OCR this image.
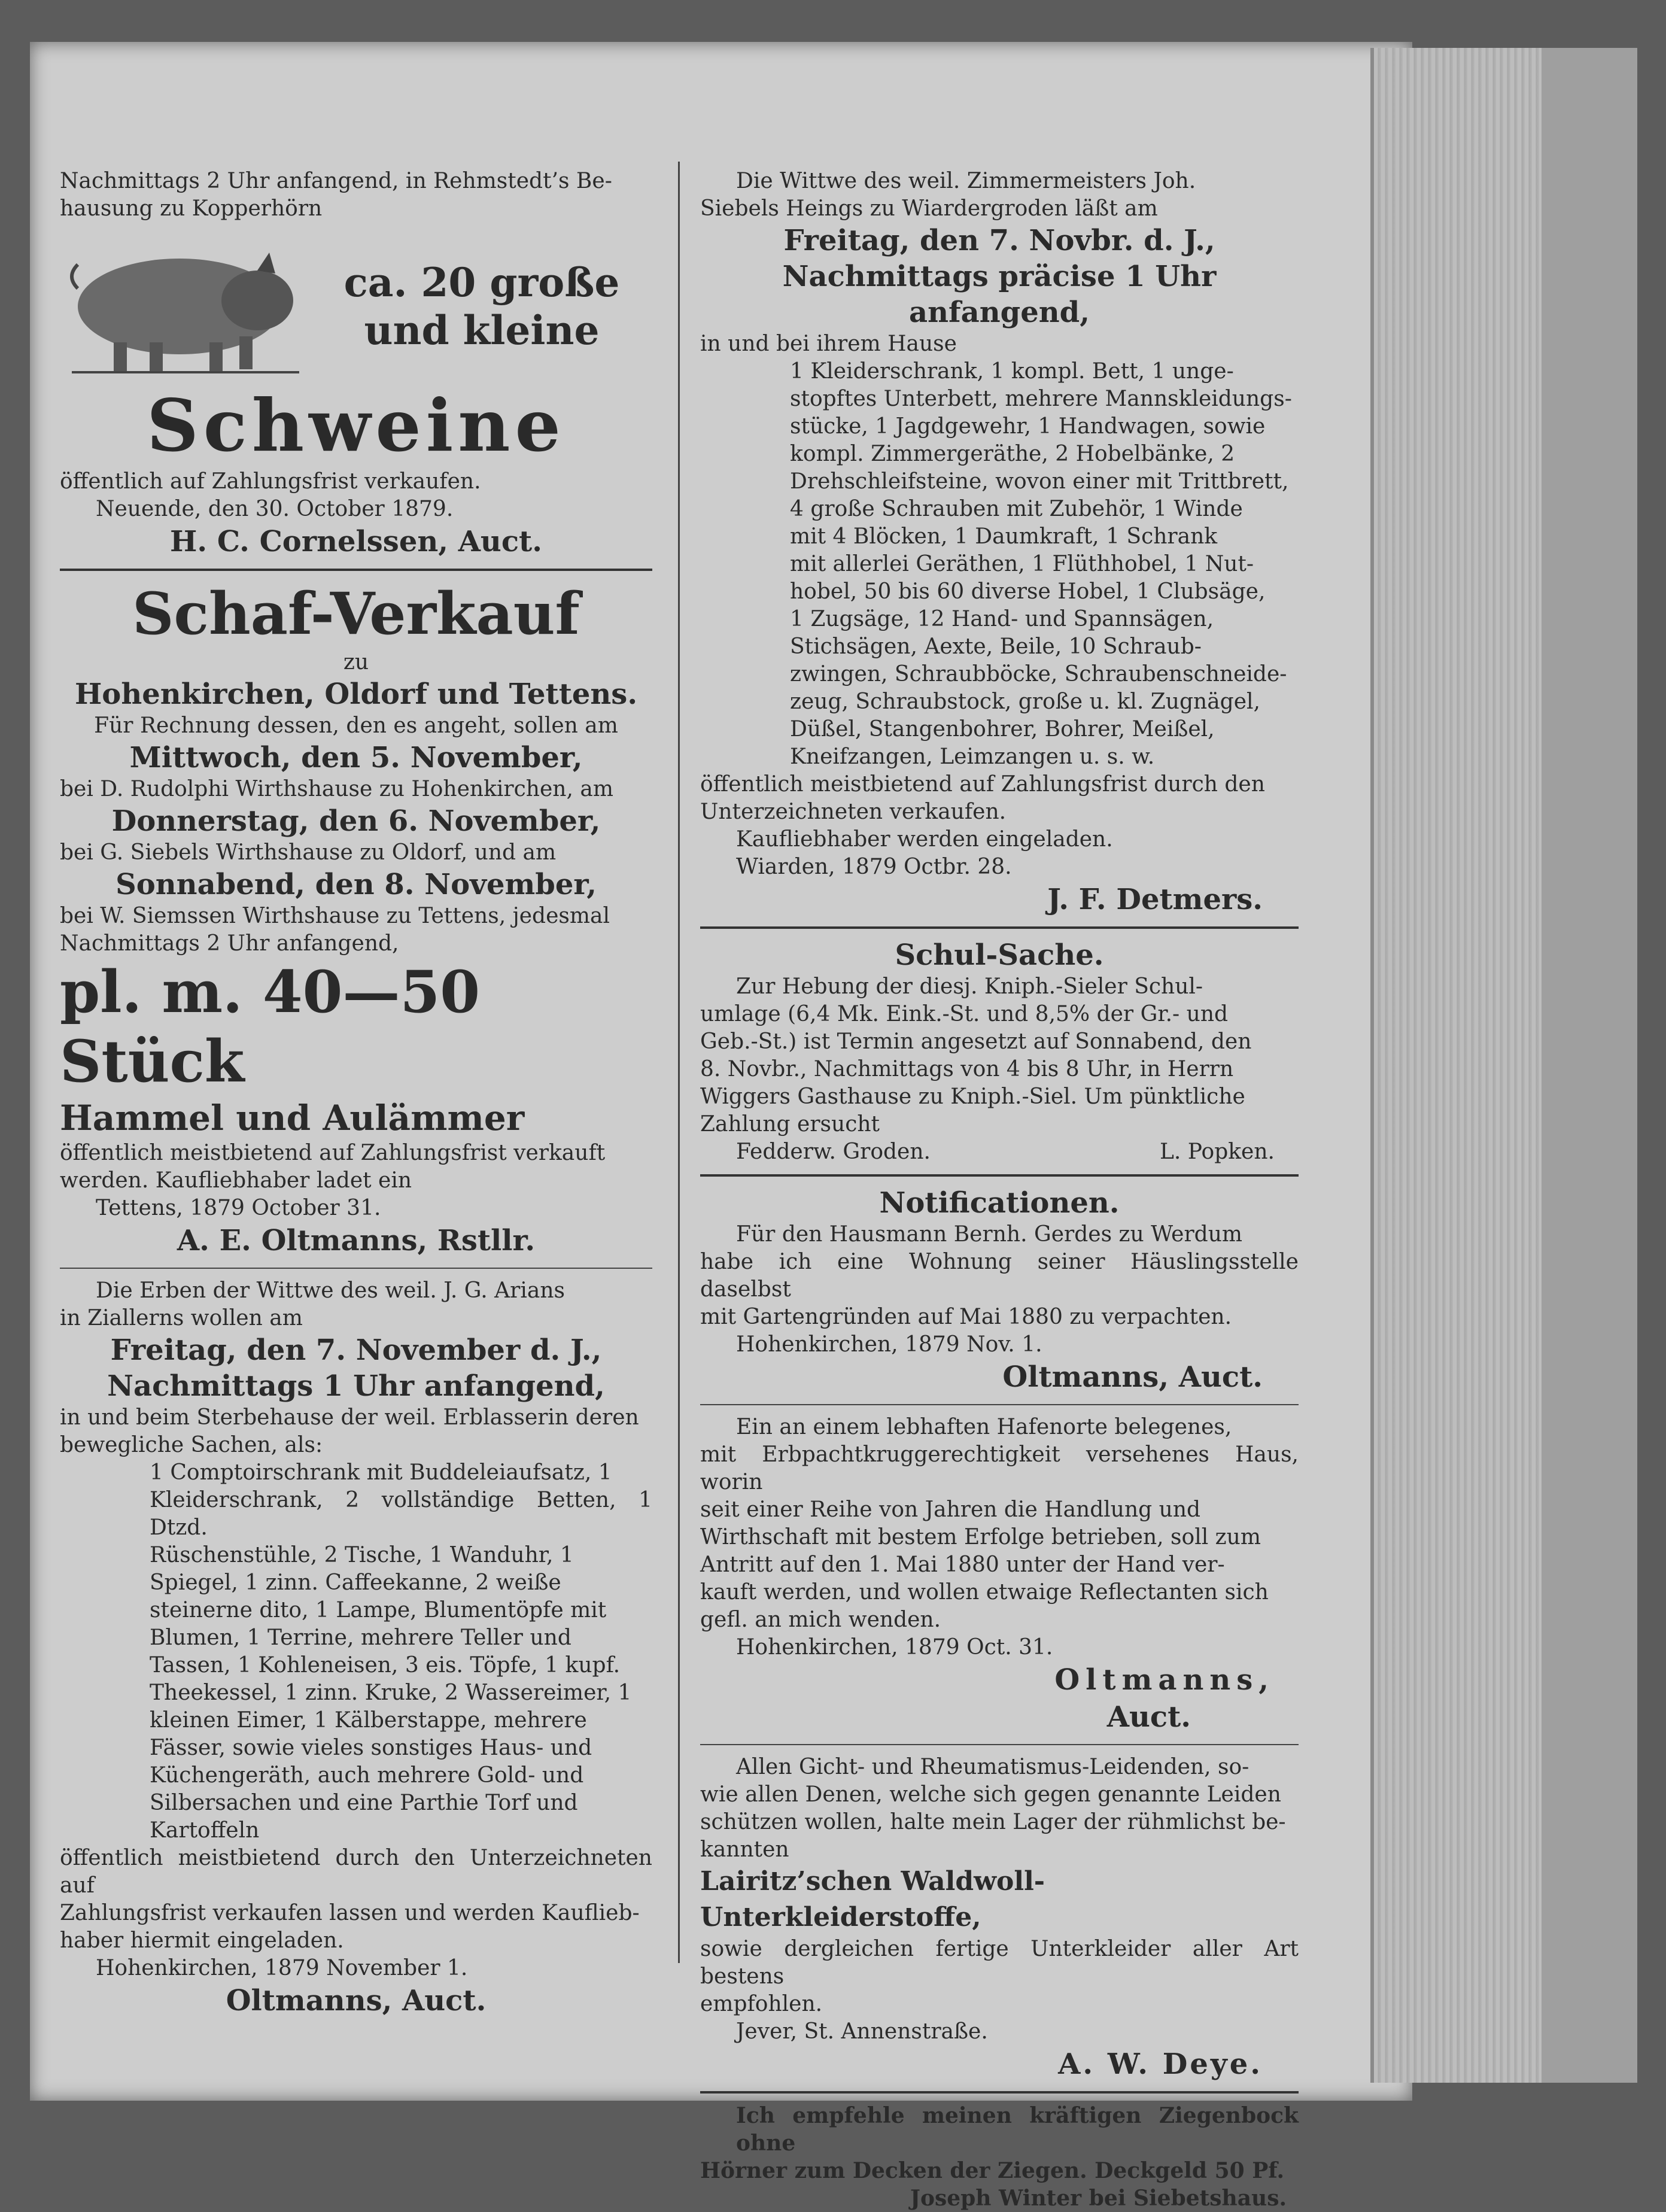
Nachmittags 2 Uhr anfangend, in Rehmstedt’s Be-

hausung zu Kopperhörn

ca. 20 große

und kleine

Schweine

öffentlich auf Zahlungsfrist verkaufen.

Neuende, den 30. October 1879.

H. C. Cornelssen, Auct.

Schaf-Verkauf

zu

Hohenkirchen, Oldorf und Tettens.

Für Rechnung dessen, den es angeht, sollen am

Mittwoch, den 5. November,

bei D. Rudolphi Wirthshause zu Hohenkirchen, am

Donnerstag, den 6. November,

bei G. Siebels Wirthshause zu Oldorf, und am

Sonnabend, den 8. November,

bei W. Siemssen Wirthshause zu Tettens, jedesmal

Nachmittags 2 Uhr anfangend,

pl. m. 40—50 Stück

Hammel und Aulämmer

öffentlich meistbietend auf Zahlungsfrist verkauft

werden. Kaufliebhaber ladet ein

Tettens, 1879 October 31.

A. E. Oltmanns, Rstllr.

Die Erben der Wittwe des weil. J. G. Arians

in Ziallerns wollen am

Freitag, den 7. November d. J.,

Nachmittags 1 Uhr anfangend,

in und beim Sterbehause der weil. Erblasserin deren

bewegliche Sachen, als:

1 Comptoirschrank mit Buddeleiaufsatz, 1

Kleiderschrank, 2 vollständige Betten, 1 Dtzd.

Rüschenstühle, 2 Tische, 1 Wanduhr, 1

Spiegel, 1 zinn. Caffeekanne, 2 weiße

steinerne dito, 1 Lampe, Blumentöpfe mit

Blumen, 1 Terrine, mehrere Teller und

Tassen, 1 Kohleneisen, 3 eis. Töpfe, 1 kupf.

Theekessel, 1 zinn. Kruke, 2 Wassereimer, 1

kleinen Eimer, 1 Kälberstappe, mehrere

Fässer, sowie vieles sonstiges Haus- und

Küchengeräth, auch mehrere Gold- und

Silbersachen und eine Parthie Torf und

Kartoffeln

öffentlich meistbietend durch den Unterzeichneten auf

Zahlungsfrist verkaufen lassen und werden Kauflieb-

haber hiermit eingeladen.

Hohenkirchen, 1879 November 1.

Oltmanns, Auct.

Die Wittwe des weil. Zimmermeisters Joh.

Siebels Heings zu Wiardergroden läßt am

Freitag, den 7. Novbr. d. J.,

Nachmittags präcise 1 Uhr anfangend,

in und bei ihrem Hause

1 Kleiderschrank, 1 kompl. Bett, 1 unge-

stopftes Unterbett, mehrere Mannskleidungs-

stücke, 1 Jagdgewehr, 1 Handwagen, sowie

kompl. Zimmergeräthe, 2 Hobelbänke, 2

Drehschleifsteine, wovon einer mit Trittbrett,

4 große Schrauben mit Zubehör, 1 Winde

mit 4 Blöcken, 1 Daumkraft, 1 Schrank

mit allerlei Geräthen, 1 Flüthhobel, 1 Nut-

hobel, 50 bis 60 diverse Hobel, 1 Clubsäge,

1 Zugsäge, 12 Hand- und Spannsägen,

Stichsägen, Aexte, Beile, 10 Schraub-

zwingen, Schraubböcke, Schraubenschneide-

zeug, Schraubstock, große u. kl. Zugnägel,

Düßel, Stangenbohrer, Bohrer, Meißel,

Kneifzangen, Leimzangen u. s. w.

öffentlich meistbietend auf Zahlungsfrist durch den

Unterzeichneten verkaufen.

Kaufliebhaber werden eingeladen.

Wiarden, 1879 Octbr. 28.

J. F. Detmers.

Schul-Sache.

Zur Hebung der diesj. Kniph.-Sieler Schul-

umlage (6,4 Mk. Eink.-St. und 8,5% der Gr.- und

Geb.-St.) ist Termin angesetzt auf Sonnabend, den

8. Novbr., Nachmittags von 4 bis 8 Uhr, in Herrn

Wiggers Gasthause zu Kniph.-Siel. Um pünktliche

Zahlung ersucht

Fedderw. Groden.	L. Popken.

Notificationen.

Für den Hausmann Bernh. Gerdes zu Werdum

habe ich eine Wohnung seiner Häuslingsstelle daselbst

mit Gartengründen auf Mai 1880 zu verpachten.

Hohenkirchen, 1879 Nov. 1.

Oltmanns, Auct.

Ein an einem lebhaften Hafenorte belegenes,

mit Erbpachtkruggerechtigkeit versehenes Haus, worin

seit einer Reihe von Jahren die Handlung und

Wirthschaft mit bestem Erfolge betrieben, soll zum

Antritt auf den 1. Mai 1880 unter der Hand ver-

kauft werden, und wollen etwaige Reflectanten sich

gefl. an mich wenden.

Hohenkirchen, 1879 Oct. 31.

Oltmanns,

Auct.

Allen Gicht- und Rheumatismus-Leidenden, so-

wie allen Denen, welche sich gegen genannte Leiden

schützen wollen, halte mein Lager der rühmlichst be-

kannten

Lairitz’schen Waldwoll-Unterkleiderstoffe,

sowie dergleichen fertige Unterkleider aller Art bestens

empfohlen.

Jever, St. Annenstraße.

A. W. Deye.

Ich empfehle meinen kräftigen Ziegenbock ohne

Hörner zum Decken der Ziegen. Deckgeld 50 Pf.

Joseph Winter bei Siebetshaus.
